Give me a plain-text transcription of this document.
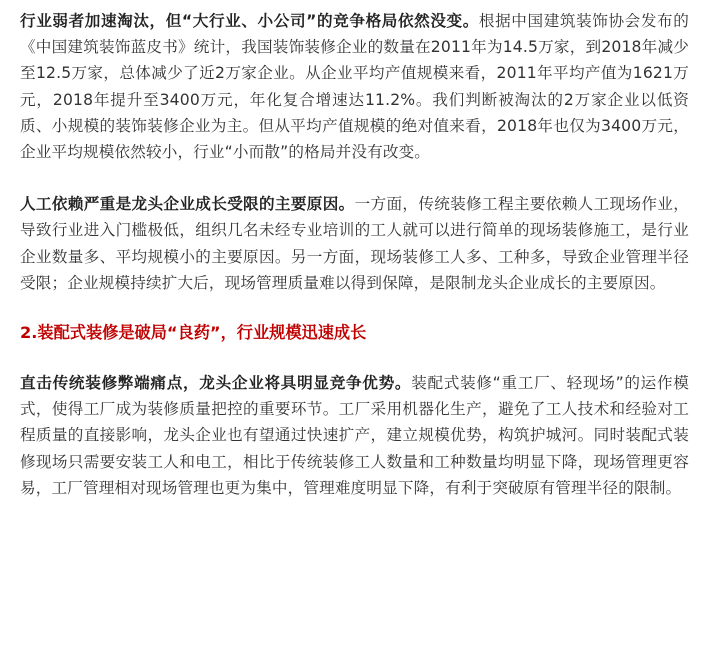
行业弱者加速淘汰，但“大行业、小公司”的竞争格局依然没变。根据中国建筑装饰协会发布的《中国建筑装饰蓝皮书》统计，我国装饰装修企业的数量在2011年为14.5万家，到2018年减少至12.5万家，总体减少了近2万家企业。从企业平均产值规模来看，2011年平均产值为1621万元，2018年提升至3400万元，年化复合增速达11.2%。我们判断被淘汰的2万家企业以低资质、小规模的装饰装修企业为主。但从平均产值规模的绝对值来看，2018年也仅为3400万元，企业平均规模依然较小，行业“小而散”的格局并没有改变。

人工依赖严重是龙头企业成长受限的主要原因。一方面，传统装修工程主要依赖人工现场作业，导致行业进入门槛极低，组织几名未经专业培训的工人就可以进行简单的现场装修施工，是行业企业数量多、平均规模小的主要原因。另一方面，现场装修工人多、工种多，导致企业管理半径受限；企业规模持续扩大后，现场管理质量难以得到保障，是限制龙头企业成长的主要原因。

2.装配式装修是破局“良药”，行业规模迅速成长

直击传统装修弊端痛点，龙头企业将具明显竞争优势。装配式装修“重工厂、轻现场”的运作模式，使得工厂成为装修质量把控的重要环节。工厂采用机器化生产，避免了工人技术和经验对工程质量的直接影响，龙头企业也有望通过快速扩产，建立规模优势，构筑护城河。同时装配式装修现场只需要安装工人和电工，相比于传统装修工人数量和工种数量均明显下降，现场管理更容易，工厂管理相对现场管理也更为集中，管理难度明显下降，有利于突破原有管理半径的限制。
